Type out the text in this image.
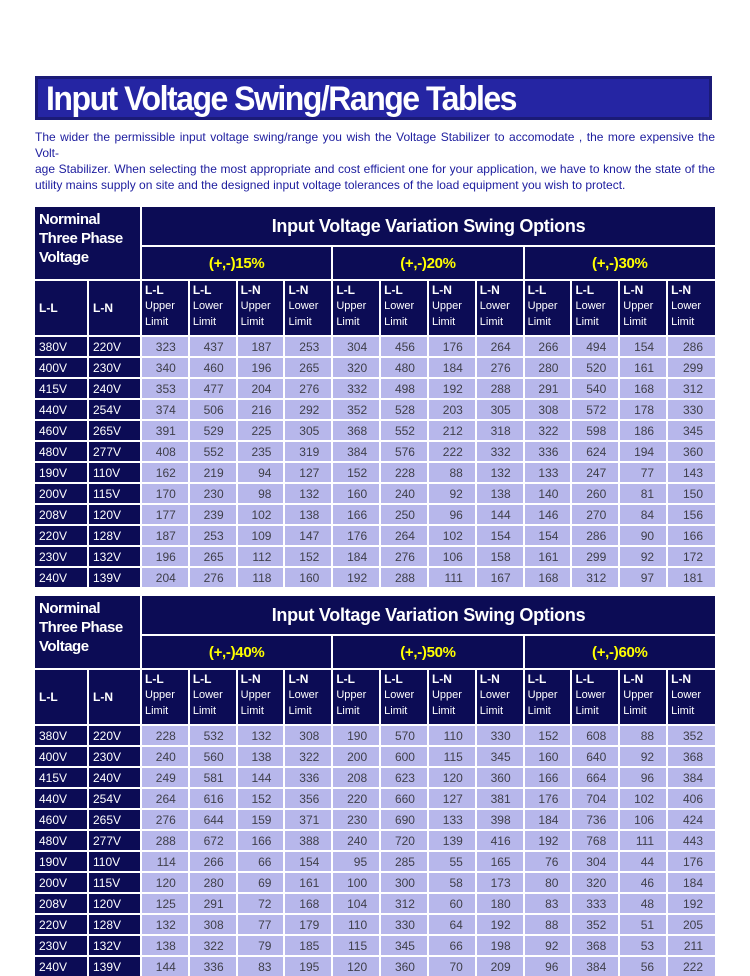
Input Voltage Swing/Range Tables
The wider the permissible input voltage swing/range you wish the Voltage Stabilizer to accomodate , the more expensive the Volt-
age Stabilizer. When selecting the most appropriate and cost efficient one for your application, we have to know the state of the
utility mains supply on site and the designed input voltage tolerances of the load equipment you wish to protect.
Norminal
Three Phase
Voltage		Input Voltage Variation Swing Options											
		(+,-)15%				(+,-)20%				(+,-)30%			
L-L	L-N	
L-L
Upper
Limit

L-L
Lower
Limit

L-N
Upper
Limit

L-N
Lower
Limit

L-L
Upper
Limit

L-L
Lower
Limit

L-N
Upper
Limit

L-N
Lower
Limit

L-L
Upper
Limit

L-L
Lower
Limit

L-N
Upper
Limit

L-N
Lower
Limit

380V	220V	323	437	187	253	304	456	176	264	266	494	154	286
400V	230V	340	460	196	265	320	480	184	276	280	520	161	299
415V	240V	353	477	204	276	332	498	192	288	291	540	168	312
440V	254V	374	506	216	292	352	528	203	305	308	572	178	330
460V	265V	391	529	225	305	368	552	212	318	322	598	186	345
480V	277V	408	552	235	319	384	576	222	332	336	624	194	360
190V	110V	162	219	94	127	152	228	88	132	133	247	77	143
200V	115V	170	230	98	132	160	240	92	138	140	260	81	150
208V	120V	177	239	102	138	166	250	96	144	146	270	84	156
220V	128V	187	253	109	147	176	264	102	154	154	286	90	166
230V	132V	196	265	112	152	184	276	106	158	161	299	92	172
240V	139V	204	276	118	160	192	288	111	167	168	312	97	181
Norminal
Three Phase
Voltage		Input Voltage Variation Swing Options											
		(+,-)40%				(+,-)50%				(+,-)60%			
L-L	L-N	
L-L
Upper
Limit

L-L
Lower
Limit

L-N
Upper
Limit

L-N
Lower
Limit

L-L
Upper
Limit

L-L
Lower
Limit

L-N
Upper
Limit

L-N
Lower
Limit

L-L
Upper
Limit

L-L
Lower
Limit

L-N
Upper
Limit

L-N
Lower
Limit

380V	220V	228	532	132	308	190	570	110	330	152	608	88	352
400V	230V	240	560	138	322	200	600	115	345	160	640	92	368
415V	240V	249	581	144	336	208	623	120	360	166	664	96	384
440V	254V	264	616	152	356	220	660	127	381	176	704	102	406
460V	265V	276	644	159	371	230	690	133	398	184	736	106	424
480V	277V	288	672	166	388	240	720	139	416	192	768	111	443
190V	110V	114	266	66	154	95	285	55	165	76	304	44	176
200V	115V	120	280	69	161	100	300	58	173	80	320	46	184
208V	120V	125	291	72	168	104	312	60	180	83	333	48	192
220V	128V	132	308	77	179	110	330	64	192	88	352	51	205
230V	132V	138	322	79	185	115	345	66	198	92	368	53	211
240V	139V	144	336	83	195	120	360	70	209	96	384	56	222
